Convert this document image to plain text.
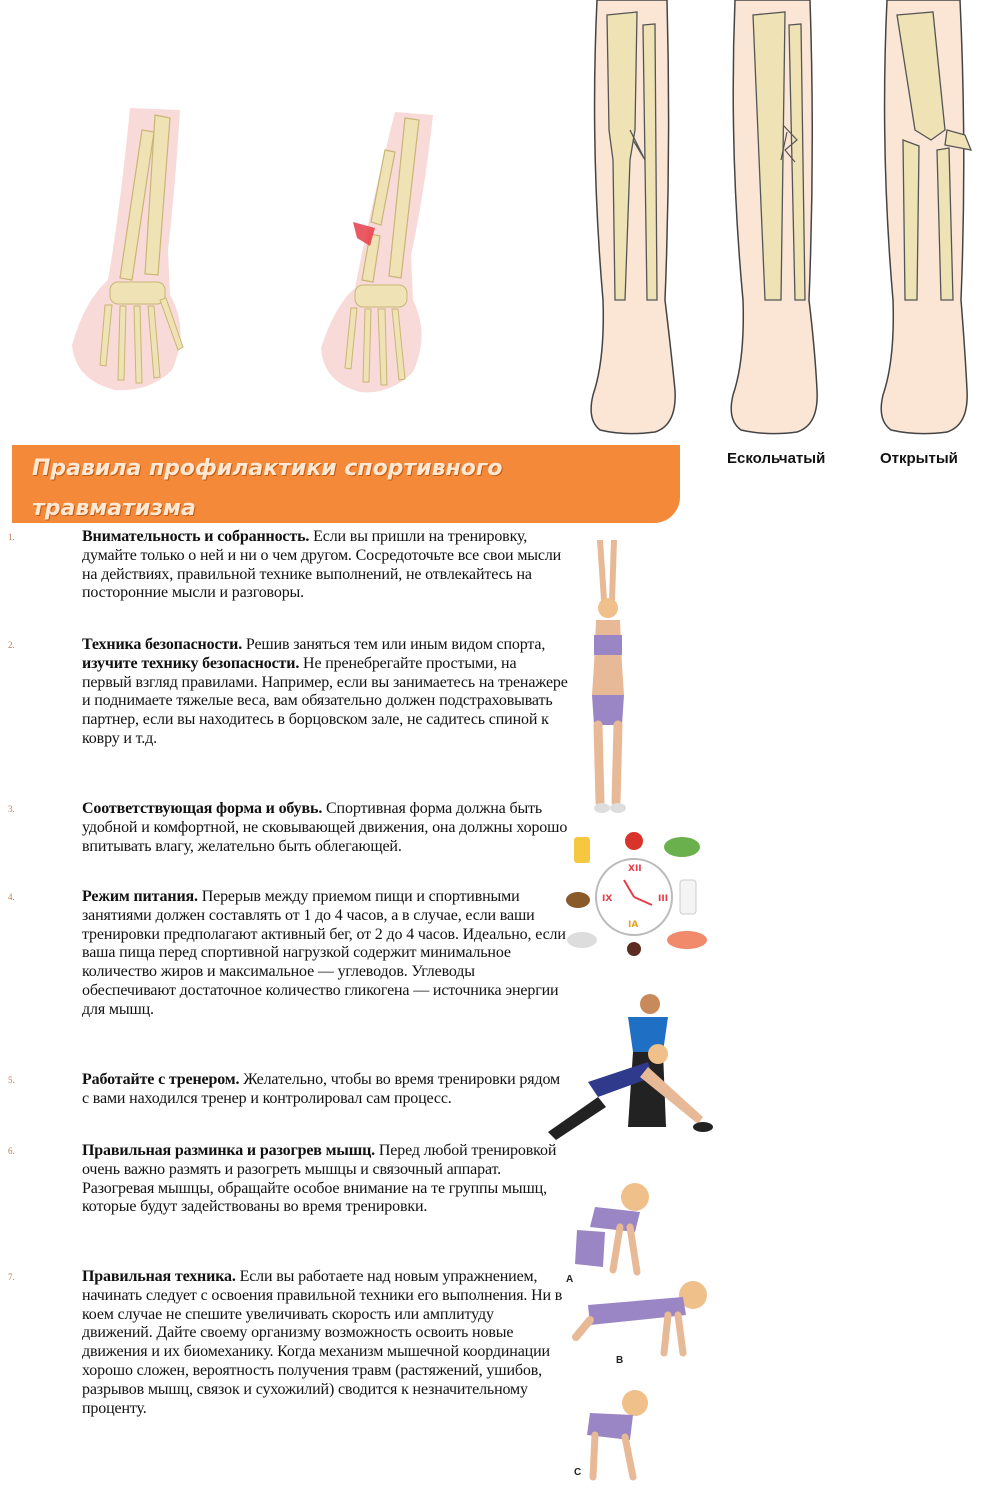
Ескольчатый	Открытый
Правила профилактики спортивного травматизма
1.	Внимательность и собранность. Если вы пришли на тренировку, думайте только о ней и ни о чем другом. Сосредоточьте все свои мысли на действиях, правильной технике выполнений, не отвлекайтесь на посторонние мысли и разговоры.
2.	Техника безопасности. Решив заняться тем или иным видом спорта, изучите технику безопасности. Не пренебрегайте простыми, на первый взгляд правилами. Например, если вы занимаетесь на тренажере и поднимаете тяжелые веса, вам обязательно должен подстраховывать партнер, если вы находитесь в борцовском зале, не садитесь спиной к ковру и т.д.
3.	Соответствующая форма и обувь. Спортивная форма должна быть удобной и комфортной, не сковывающей движения, она должны хорошо впитывать влагу, желательно быть облегающей.
4.	Режим питания. Перерыв между приемом пищи и спортивными занятиями должен составлять от 1 до 4 часов, а в случае, если ваши тренировки предполагают активный бег, от 2 до 4 часов. Идеально, если ваша пища перед спортивной нагрузкой содержит минимальное количество жиров и максимальное — углеводов. Углеводы обеспечивают достаточное количество гликогена — источника энергии для мышц.
5.	Работайте с тренером. Желательно, чтобы во время тренировки рядом с вами находился тренер и контролировал сам процесс.
6.	Правильная разминка и разогрев мышц. Перед любой тренировкой очень важно размять и разогреть мышцы и связочный аппарат. Разогревая мышцы, обращайте особое внимание на те группы мышц, которые будут задействованы во время тренировки.
7.	Правильная техника. Если вы работаете над новым упражнением, начинать следует с освоения правильной техники его выполнения. Ни в коем случае не спешите увеличивать скорость или амплитуду движений. Дайте своему организму возможность освоить новые движения и их биомеханику. Когда механизм мышечной координации хорошо сложен, вероятность получения травм (растяжений, ушибов, разрывов мышц, связок и сухожилий) сводится к незначительному проценту.
XII
IX	III
IA
A
B
C
